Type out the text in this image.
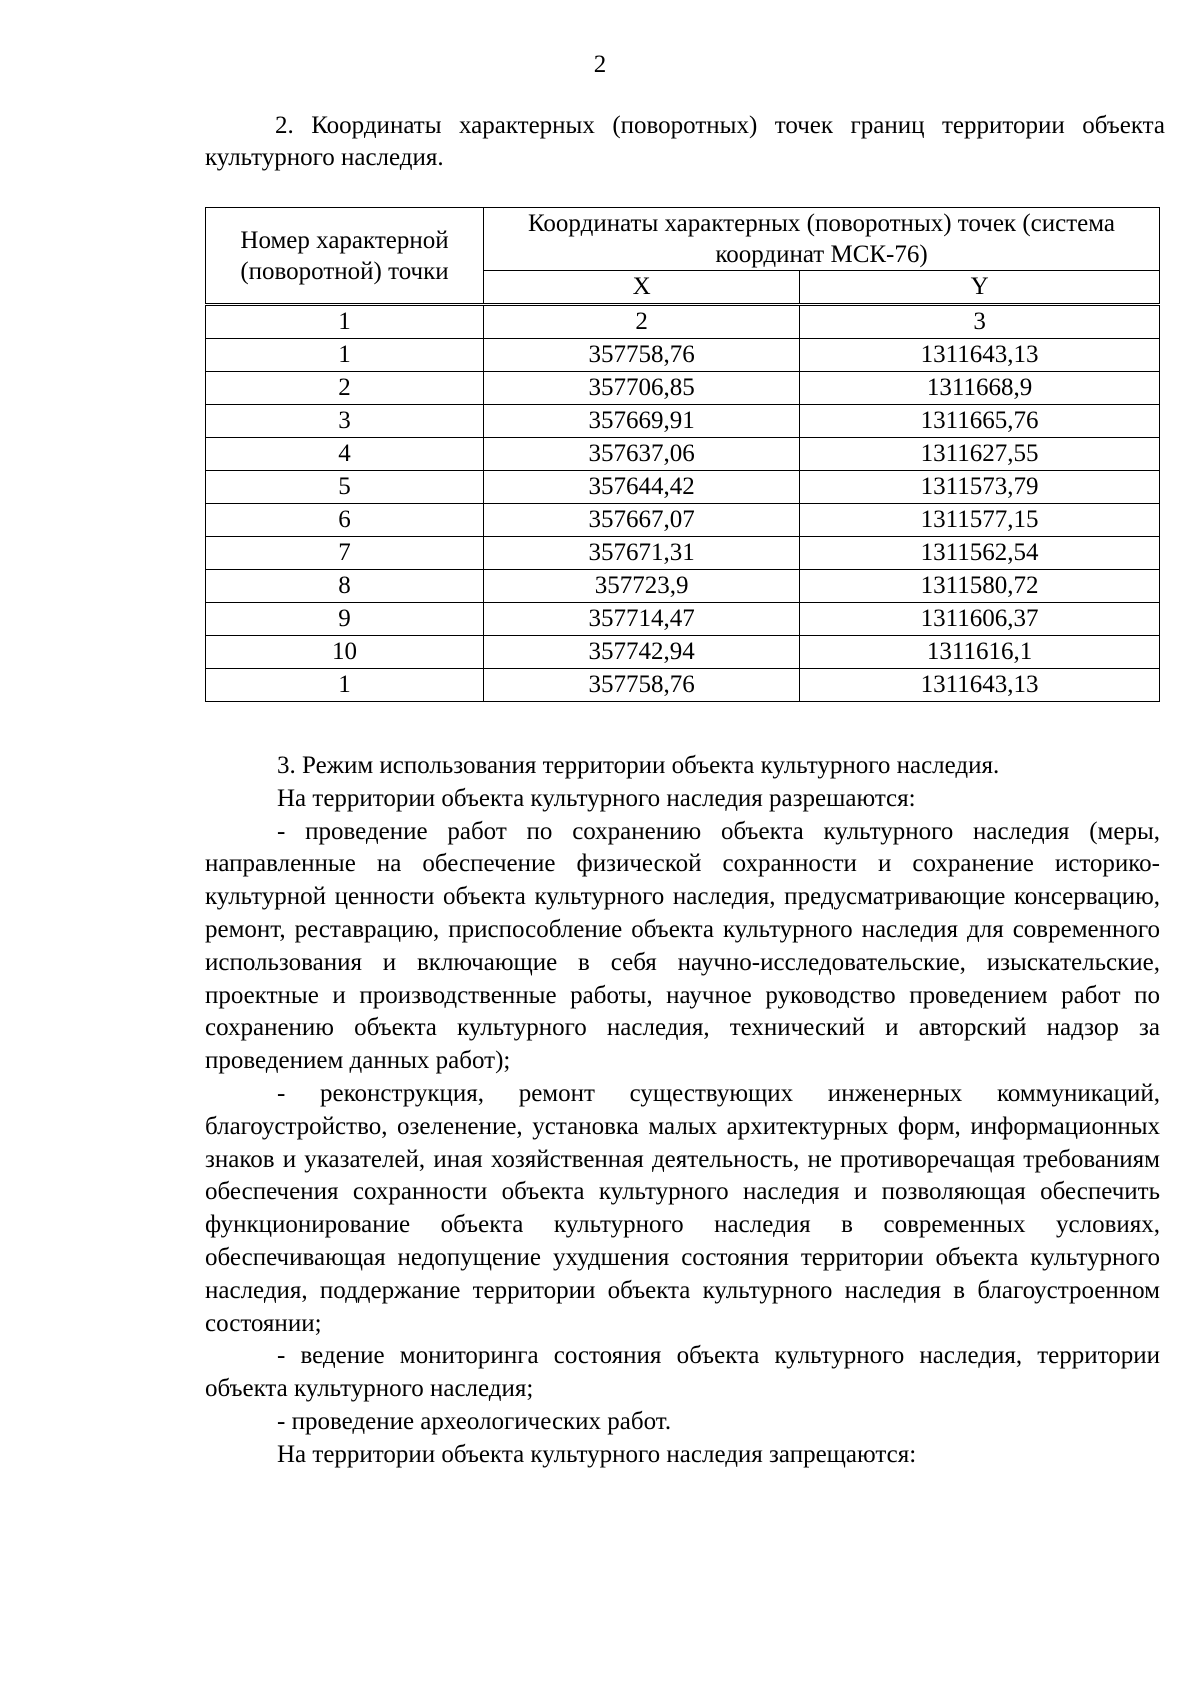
2
2. Координаты характерных (поворотных) точек границ территории объекта культурного наследия.
Номер характерной (поворотной) точки	Координаты характерных (поворотных) точек (система координат МСК-76)	
	X	Y
1	2	3
1	357758,76	1311643,13
2	357706,85	1311668,9
3	357669,91	1311665,76
4	357637,06	1311627,55
5	357644,42	1311573,79
6	357667,07	1311577,15
7	357671,31	1311562,54
8	357723,9	1311580,72
9	357714,47	1311606,37
10	357742,94	1311616,1
1	357758,76	1311643,13

3. Режим использования территории объекта культурного наследия.

На территории объекта культурного наследия разрешаются:

- проведение работ по сохранению объекта культурного наследия (меры, направленные на обеспечение физической сохранности и сохранение историко-культурной ценности объекта культурного наследия, предусматривающие консервацию, ремонт, реставрацию, приспособление объекта культурного наследия для современного использования и включающие в себя научно-исследовательские, изыскательские, проектные и производственные работы, научное руководство проведением работ по сохранению объекта культурного наследия, технический и авторский надзор за проведением данных работ);

- реконструкция, ремонт существующих инженерных коммуникаций, благоустройство, озеленение, установка малых архитектурных форм, информационных знаков и указателей, иная хозяйственная деятельность, не противоречащая требованиям обеспечения сохранности объекта культурного наследия и позволяющая обеспечить функционирование объекта культурного наследия в современных условиях, обеспечивающая недопущение ухудшения состояния территории объекта культурного наследия, поддержание территории объекта культурного наследия в благоустроенном состоянии;

- ведение мониторинга состояния объекта культурного наследия, территории объекта культурного наследия;

- проведение археологических работ.

На территории объекта культурного наследия запрещаются:
